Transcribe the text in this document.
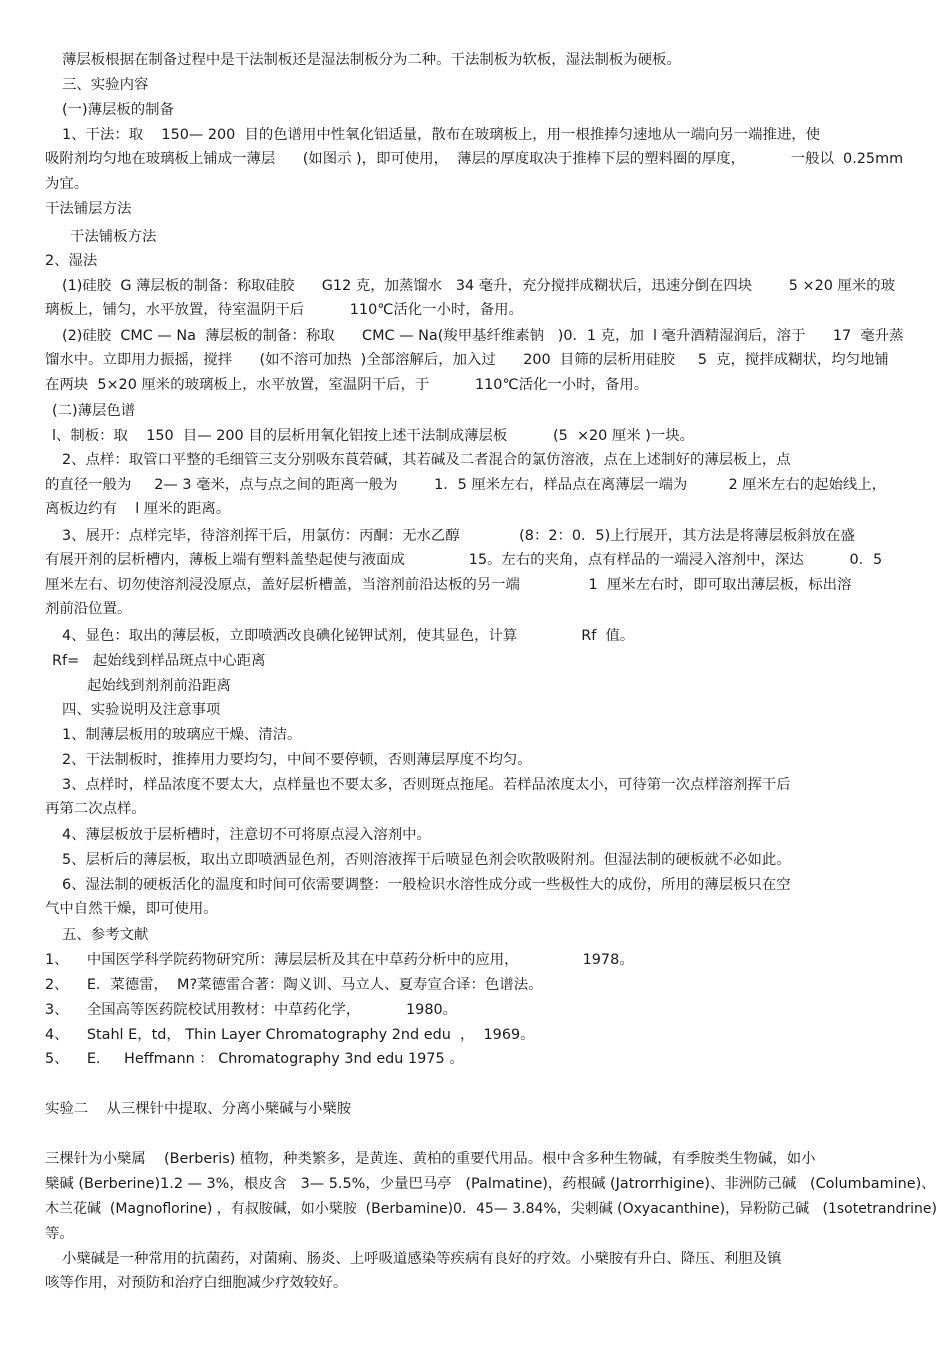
薄层板根据在制备过程中是干法制板还是湿法制板分为二种。干法制板为软板，湿法制板为硬板。
三、实验内容
(一)薄层板的制备
1、干法：取    150— 200  目的色谱用中性氧化铝适量，散布在玻璃板上，用一根推捧匀速地从一端向另一端推进，使
吸附剂均匀地在玻璃板上铺成一薄层      (如图示 )，即可使用，  薄层的厚度取决于推棒下层的塑料圈的厚度，          一般以  0.25mm
为宜。
干法铺层方法
干法铺板方法
2、湿法
(1)硅胶  G 薄层板的制备：称取硅胶      G12 克，加蒸馏水   34 毫升，充分搅拌成糊状后，迅速分倒在四块        5 ×20 厘米的玻
璃板上，铺匀，水平放置，待室温阴干后          110℃活化一小时，备用。
(2)硅胶  CMC — Na  薄层板的制备：称取      CMC — Na(羧甲基纤维素钠   )0．1 克，加  l 毫升酒精湿润后，溶于      17  毫升蒸
馏水中。立即用力振摇，搅拌      (如不溶可加热  )全部溶解后，加入过      200  目筛的层析用硅胶     5  克，搅拌成糊状，均匀地铺
在两块  5×20 厘米的玻璃板上，水平放置，室温阴干后，于          110℃活化一小时，备用。
(二)薄层色谱
l、制板：取    150  目— 200 目的层析用氧化铝按上述干法制成薄层板          (5  ×20 厘米 )一块。
2、点样：取管口平整的毛细管三支分别吸东莨菪碱，其若碱及二者混合的氯仿溶液，点在上述制好的薄层板上，点
的直径一般为     2— 3 毫米，点与点之间的距离一般为        1．5 厘米左右，样品点在离薄层一端为         2 厘米左右的起始线上，
离板边约有    l 厘米的距离。
3、展开：点样完毕，待溶剂挥干后，用氯仿：丙酮：无水乙醇             (8：2：0．5)上行展开，其方法是将薄层板斜放在盛
有展开剂的层析槽内，薄板上端有塑料盖垫起使与液面成              15。左右的夹角，点有样品的一端浸入溶剂中，深达          0．5
厘米左右、切勿使溶剂浸没原点，盖好层析槽盖，当溶剂前沿达板的另一端               1  厘米左右时，即可取出薄层板，标出溶
剂前沿位置。
4、显色：取出的薄层板，立即喷洒改良碘化铋钾试剂，使其显色，计算              Rf  值。
Rf=   起始线到样品斑点中心距离
起始线到剂剂前沿距离
四、实验说明及注意事项
1、制薄层板用的玻璃应干燥、清洁。
2、干法制板时，推捧用力要均匀，中间不要停顿，否则薄层厚度不均匀。
3、点样时，样品浓度不要太大，点样量也不要太多，否则斑点拖尾。若样品浓度太小，可待第一次点样溶剂挥干后
再第二次点样。
4、薄层板放于层析槽时，注意切不可将原点浸入溶剂中。
5、层析后的薄层板，取出立即喷洒显色剂，否则溶液挥干后喷显色剂会吹散吸附剂。但湿法制的硬板就不必如此。
6、湿法制的硬板活化的温度和时间可依需要调整：一般检识水溶性成分或一些极性大的成份，所用的薄层板只在空
气中自然干燥，即可使用。
五、参考文献
1、    中国医学科学院药物研究所：薄层层析及其在中草药分析中的应用，              1978。
2、    E．菜德雷，  M?菜德雷合著：陶义训、马立人、夏寿宣合译：色谱法。
3、    全国高等医药院校试用教材：中草药化学，          1980。
4、    Stahl E，td， Thin Layer Chromatography 2nd edu  ，  1969。
5、    E．   Heffmann ： Chromatography 3nd edu 1975 。
实验二    从三棵针中提取、分离小檗碱与小檗胺
三棵针为小檗属    (Berberis) 植物，种类繁多，是黄连、黄柏的重要代用品。根中含多种生物碱，有季胺类生物碱，如小
檗碱 (Berberine)1.2 — 3%，根皮含   3— 5.5%，少量巴马亭   (Palmatine)，药根碱 (Jatrorrhigine)、非洲防己碱   (Columbamine)、
木兰花碱  (Magnoflorine) ，有叔胺碱，如小檗胺  (Berbamine)0．45— 3.84%，尖刺碱 (Oxyacanthine)，异粉防己碱   (1sotetrandrine)
等。
小檗碱是一种常用的抗菌药，对菌痢、肠炎、上呼吸道感染等疾病有良好的疗效。小檗胺有升白、降压、利胆及镇
咳等作用，对预防和治疗白细胞减少疗效较好。
